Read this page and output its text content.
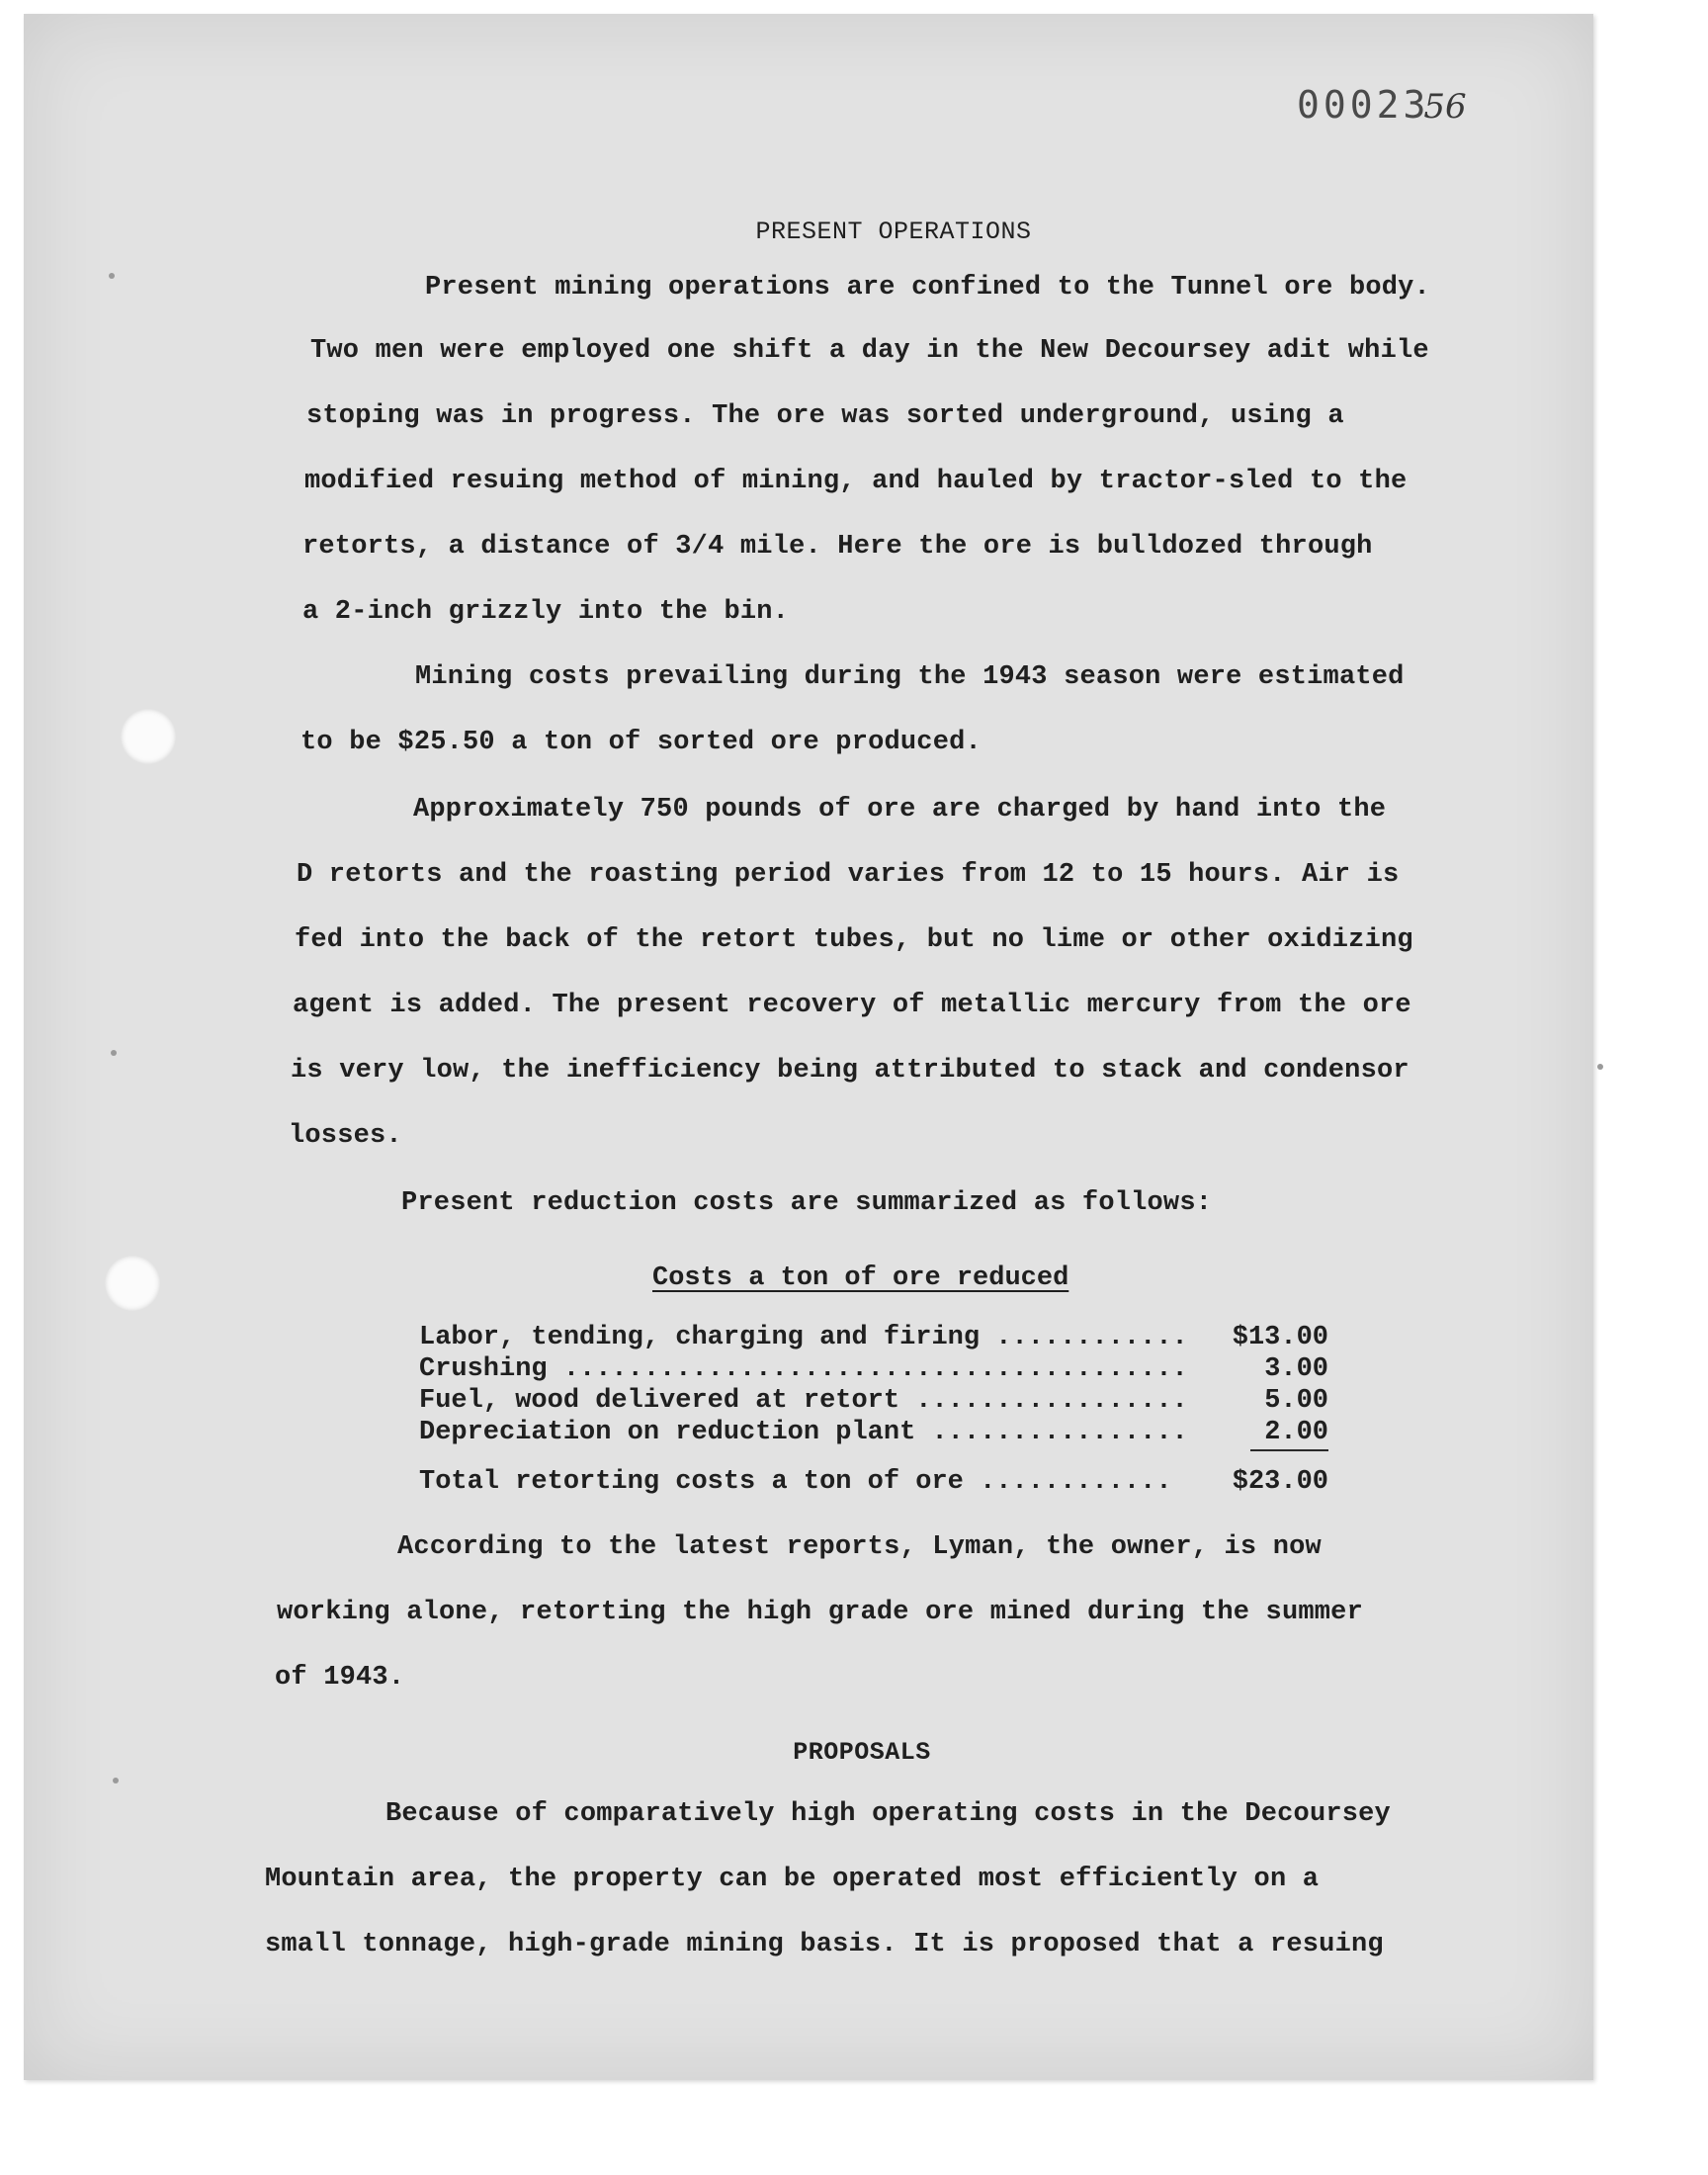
0002356
PRESENT OPERATIONS
Present mining operations are confined to the Tunnel ore body.
Two men were employed one shift a day in the New Decoursey adit while
stoping was in progress. The ore was sorted underground, using a
modified resuing method of mining, and hauled by tractor-sled to the
retorts, a distance of 3/4 mile. Here the ore is bulldozed through
a 2-inch grizzly into the bin.
Mining costs prevailing during the 1943 season were estimated
to be $25.50 a ton of sorted ore produced.
Approximately 750 pounds of ore are charged by hand into the
D retorts and the roasting period varies from 12 to 15 hours. Air is
fed into the back of the retort tubes, but no lime or other oxidizing
agent is added. The present recovery of metallic mercury from the ore
is very low, the inefficiency being attributed to stack and condensor
losses.
Present reduction costs are summarized as follows:
Costs a ton of ore reduced
Labor, tending, charging and firing ............ $13.00
Crushing .......................................	3.00
Fuel, wood delivered at retort .................	5.00
Depreciation on reduction plant ................	2.00
Total retorting costs a ton of ore ............ $23.00
According to the latest reports, Lyman, the owner, is now
working alone, retorting the high grade ore mined during the summer
of 1943.
PROPOSALS
Because of comparatively high operating costs in the Decoursey
Mountain area, the property can be operated most efficiently on a
small tonnage, high-grade mining basis. It is proposed that a resuing
